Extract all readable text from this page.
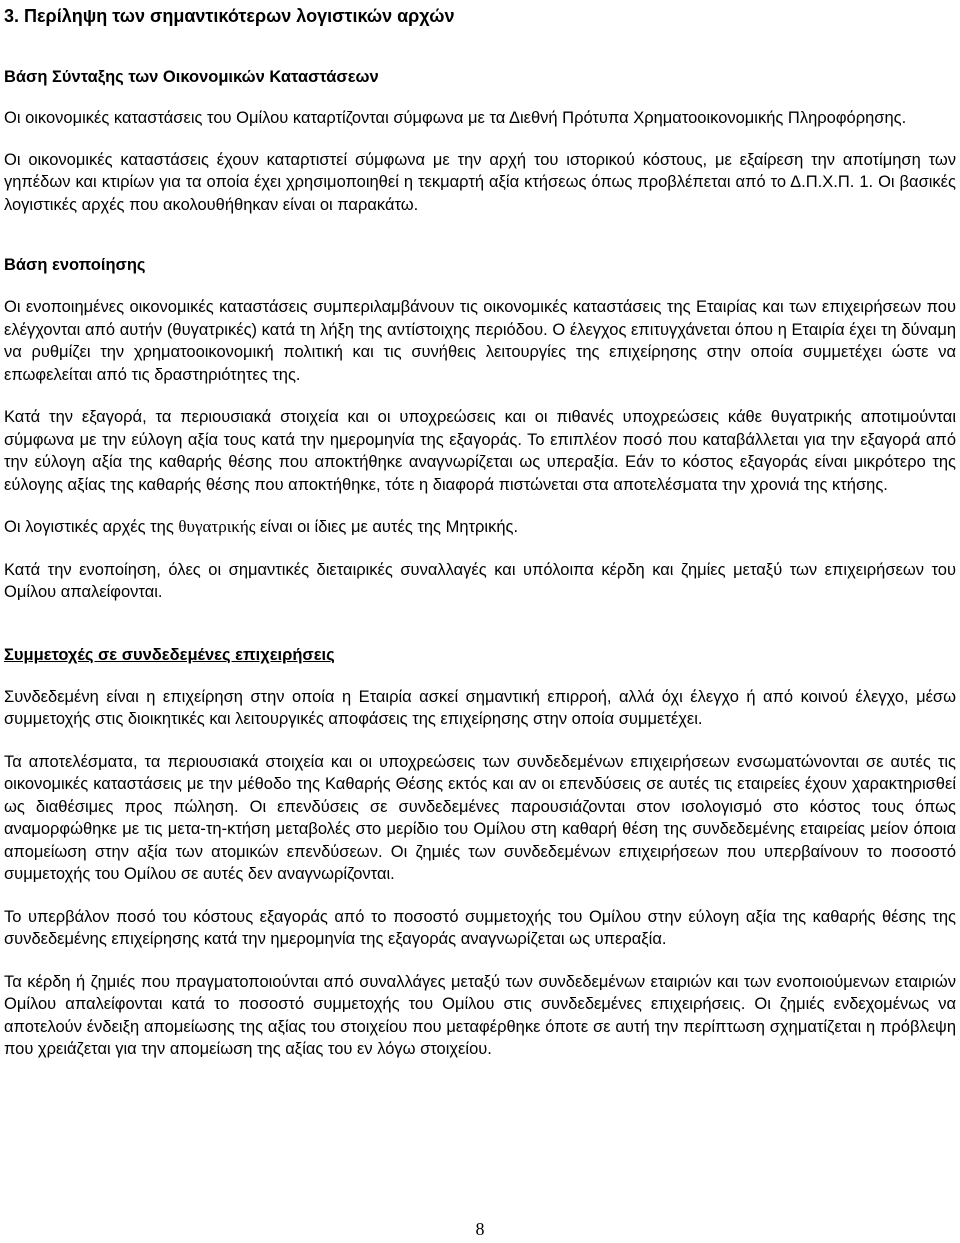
3. Περίληψη των σημαντικότερων λογιστικών αρχών
Βάση Σύνταξης των Οικονομικών Καταστάσεων

Οι οικονομικές καταστάσεις του Ομίλου καταρτίζονται σύμφωνα με τα Διεθνή Πρότυπα Χρηματοοικονομικής Πληροφόρησης.

Οι οικονομικές καταστάσεις έχουν καταρτιστεί σύμφωνα με την αρχή του ιστορικού κόστους, με εξαίρεση την αποτίμηση των γηπέδων και κτιρίων για τα οποία έχει χρησιμοποιηθεί η τεκμαρτή αξία κτήσεως όπως προβλέπεται από το Δ.Π.Χ.Π. 1. Οι βασικές λογιστικές αρχές που ακολουθήθηκαν είναι οι παρακάτω.

Βάση ενοποίησης

Οι ενοποιημένες οικονομικές καταστάσεις συμπεριλαμβάνουν τις οικονομικές καταστάσεις της Εταιρίας και των επιχειρήσεων που ελέγχονται από αυτήν (θυγατρικές) κατά τη λήξη της αντίστοιχης περιόδου. Ο έλεγχος επιτυγχάνεται όπου η Εταιρία έχει τη δύναμη να ρυθμίζει την χρηματοοικονομική πολιτική και τις συνήθεις λειτουργίες της επιχείρησης στην οποία συμμετέχει ώστε να επωφελείται από τις δραστηριότητες της.

Κατά την εξαγορά, τα περιουσιακά στοιχεία και οι υποχρεώσεις και οι πιθανές υποχρεώσεις κάθε θυγατρικής αποτιμούνται σύμφωνα με την εύλογη αξία τους κατά την ημερομηνία της εξαγοράς. Το επιπλέον ποσό που καταβάλλεται για την εξαγορά από την εύλογη αξία της καθαρής θέσης που αποκτήθηκε αναγνωρίζεται ως υπεραξία. Εάν το κόστος εξαγοράς είναι μικρότερο της εύλογης αξίας της καθαρής θέσης που αποκτήθηκε, τότε η διαφορά πιστώνεται στα αποτελέσματα την χρονιά της κτήσης.

Οι λογιστικές αρχές της θυγατρικής είναι οι ίδιες με αυτές της Μητρικής.

Κατά την ενοποίηση, όλες οι σημαντικές διεταιρικές συναλλαγές και υπόλοιπα κέρδη και ζημίες μεταξύ των επιχειρήσεων του Ομίλου απαλείφονται.

Συμμετοχές σε συνδεδεμένες επιχειρήσεις

Συνδεδεμένη είναι η επιχείρηση στην οποία η Εταιρία ασκεί σημαντική επιρροή, αλλά όχι έλεγχο ή από κοινού έλεγχο, μέσω συμμετοχής στις διοικητικές και λειτουργικές αποφάσεις της επιχείρησης στην οποία συμμετέχει.

Τα αποτελέσματα, τα περιουσιακά στοιχεία και οι υποχρεώσεις των συνδεδεμένων επιχειρήσεων ενσωματώνονται σε αυτές τις οικονομικές καταστάσεις με την μέθοδο της Καθαρής Θέσης εκτός και αν οι επενδύσεις σε αυτές τις εταιρείες έχουν χαρακτηρισθεί ως διαθέσιμες προς πώληση. Οι επενδύσεις σε συνδεδεμένες παρουσιάζονται στον ισολογισμό στο κόστος τους όπως αναμορφώθηκε με τις μετα-τη-κτήση μεταβολές στο μερίδιο του Ομίλου στη καθαρή θέση της συνδεδεμένης εταιρείας μείον όποια απομείωση στην αξία των ατομικών επενδύσεων. Οι ζημιές των συνδεδεμένων επιχειρήσεων που υπερβαίνουν το ποσοστό συμμετοχής του Ομίλου σε αυτές δεν αναγνωρίζονται.

Το υπερβάλον ποσό του κόστους εξαγοράς από το ποσοστό συμμετοχής του Ομίλου στην εύλογη αξία της καθαρής θέσης της συνδεδεμένης επιχείρησης κατά την ημερομηνία της εξαγοράς αναγνωρίζεται ως υπεραξία.

Τα κέρδη ή ζημιές που πραγματοποιούνται από συναλλάγες μεταξύ των συνδεδεμένων εταιριών και των ενοποιούμενων εταιριών Ομίλου απαλείφονται κατά το ποσοστό συμμετοχής του Ομίλου στις συνδεδεμένες επιχειρήσεις. Οι ζημιές ενδεχομένως να αποτελούν ένδειξη απομείωσης της αξίας του στοιχείου που μεταφέρθηκε όποτε σε αυτή την περίπτωση σχηματίζεται η πρόβλεψη που χρειάζεται για την απομείωση της αξίας του εν λόγω στοιχείου.

8
